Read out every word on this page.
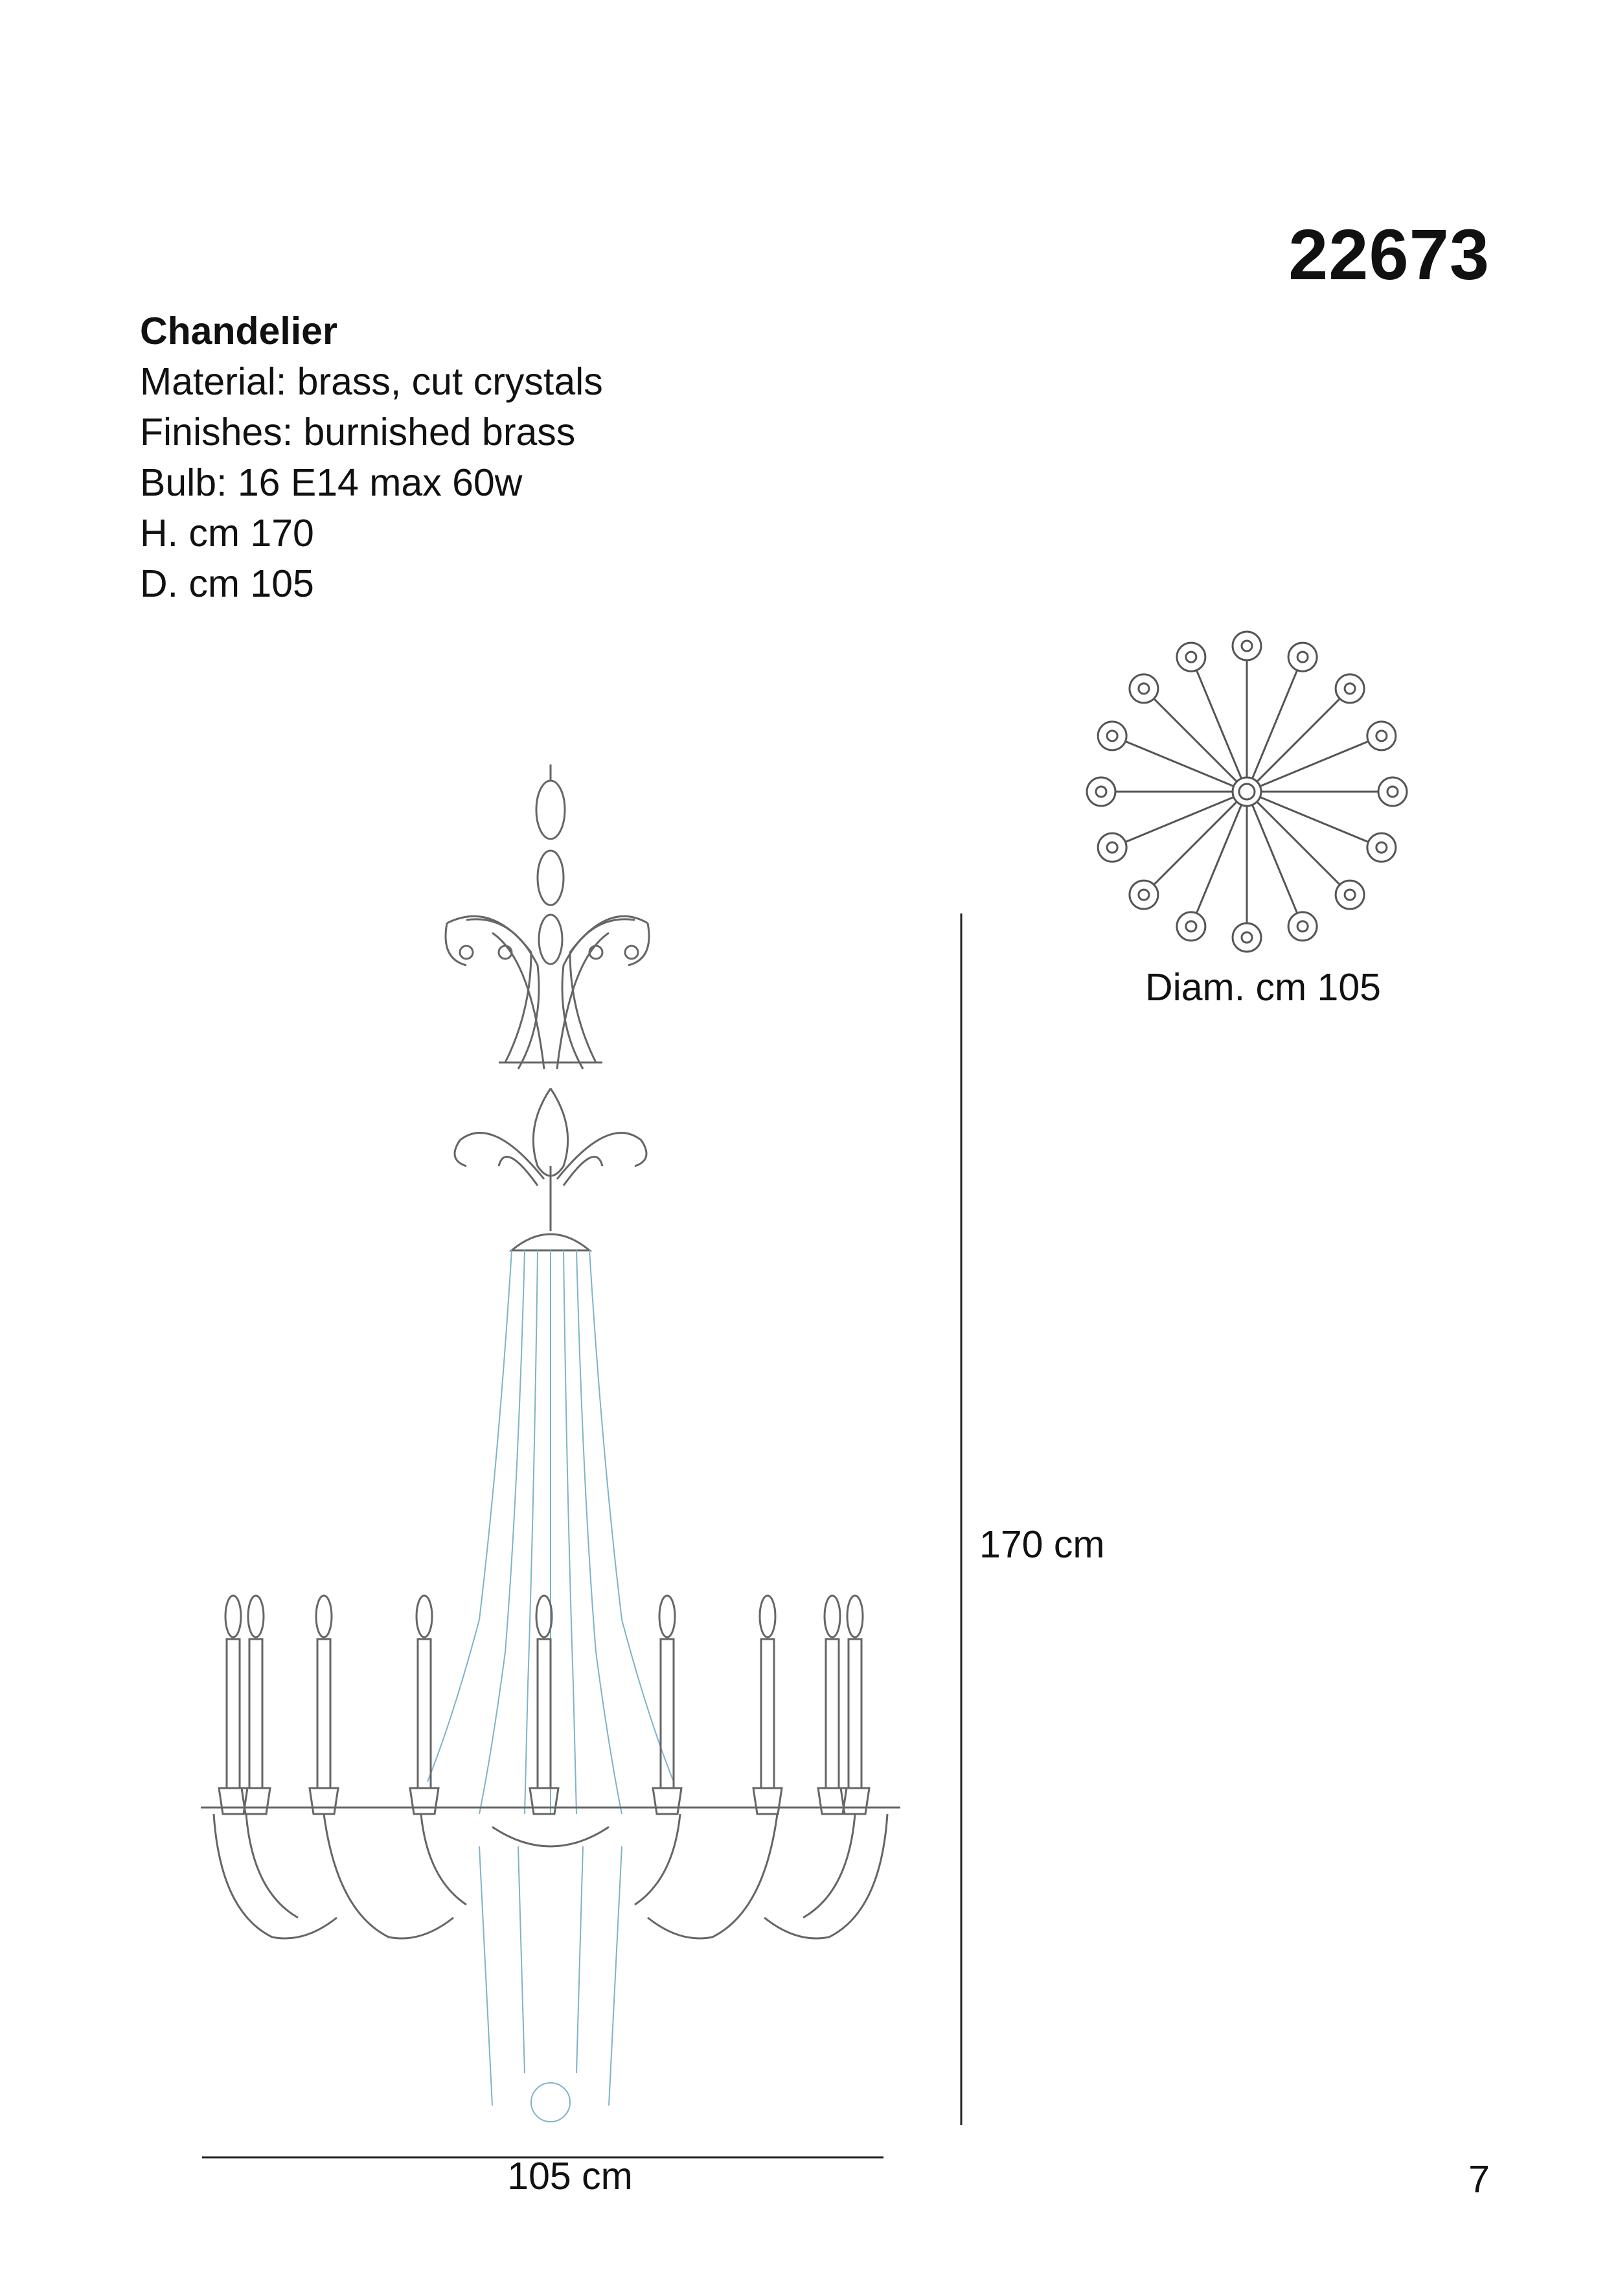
22673
Chandelier
Material: brass, cut crystals
Finishes: burnished brass
Bulb: 16 E14 max 60w
H. cm 170
D. cm 105
Diam. cm 105
170 cm
105 cm	7
